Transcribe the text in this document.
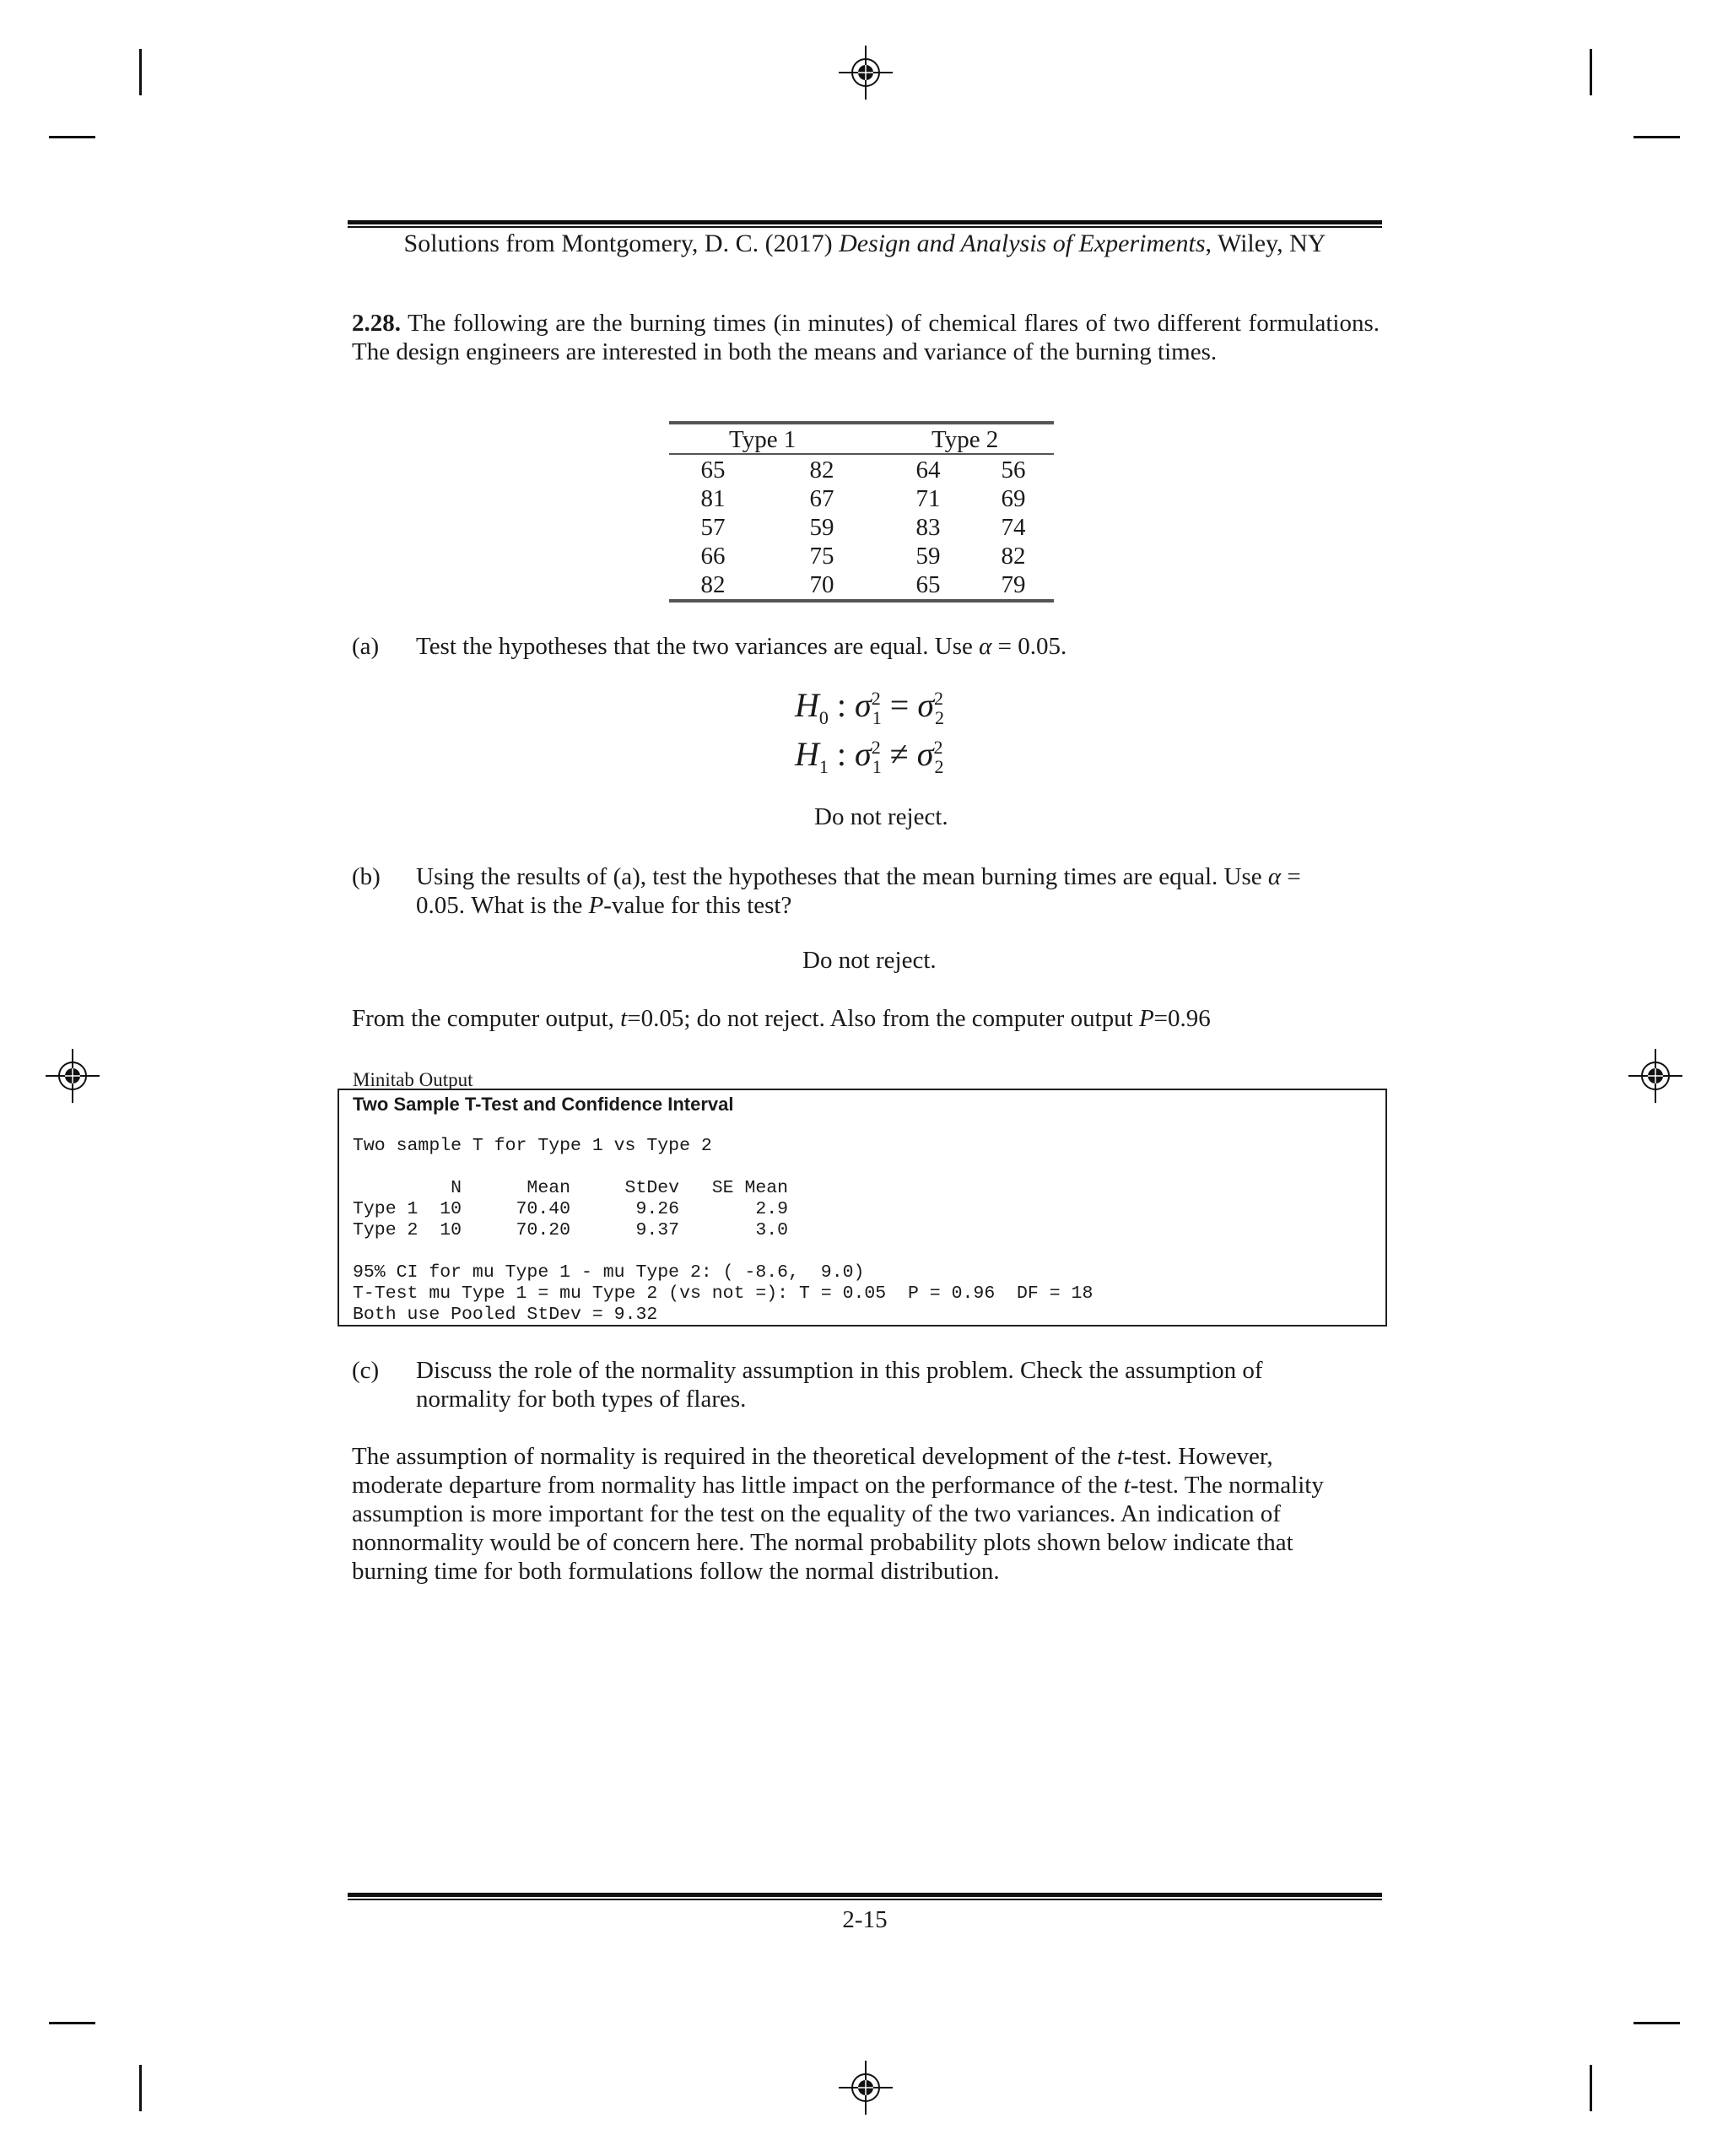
Solutions from Montgomery, D. C. (2017) Design and Analysis of Experiments, Wiley, NY
2.28. The following are the burning times (in minutes) of chemical flares of two different formulations. The design engineers are interested in both the means and variance of the burning times.
Type 1	Type 2
65	82	64	56
81	67	71	69
57	59	83	74
66	75	59	82
82	70	65	79
(a) Test the hypotheses that the two variances are equal. Use α = 0.05.
$H_0$ : $\sigma^2_1 = \sigma^2_2$
$H_1$ : $\sigma^2_1 \ne \sigma^2_2$
Do not reject.
(b) Using the results of (a), test the hypotheses that the mean burning times are equal. Use α =
0.05. What is the P-value for this test?
Do not reject.
From the computer output, t=0.05; do not reject. Also from the computer output P=0.96
Minitab Output
Two Sample T-Test and Confidence Interval
Two sample T for Type 1 vs Type 2
N      Mean     StDev   SE Mean
Type 1  10     70.40      9.26       2.9
Type 2  10     70.20      9.37       3.0
95% CI for mu Type 1 - mu Type 2: ( -8.6,  9.0)
T-Test mu Type 1 = mu Type 2 (vs not =): T = 0.05  P = 0.96  DF = 18
Both use Pooled StDev = 9.32
(c) Discuss the role of the normality assumption in this problem. Check the assumption of
normality for both types of flares.
The assumption of normality is required in the theoretical development of the t-test. However,
moderate departure from normality has little impact on the performance of the t-test. The normality
assumption is more important for the test on the equality of the two variances. An indication of
nonnormality would be of concern here. The normal probability plots shown below indicate that
burning time for both formulations follow the normal distribution.
2-15
